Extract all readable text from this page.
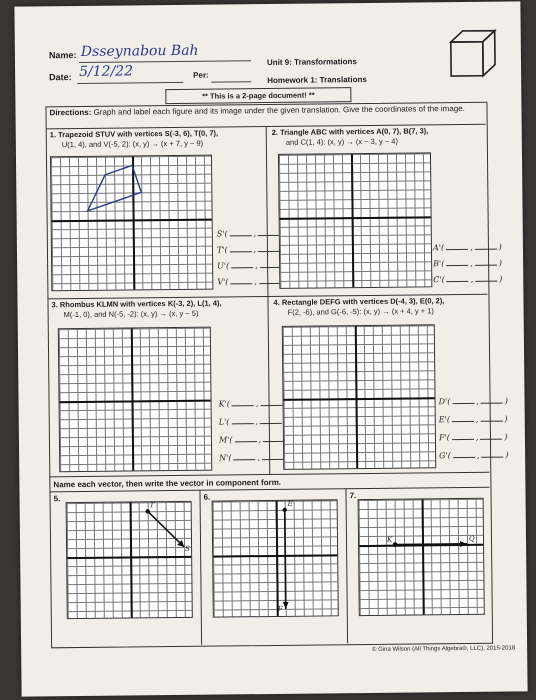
Name: Dsseynabou Bah
Date: 5/12/22	Per:
Unit 9: Transformations
Homework 1: Translations
** This is a 2-page document! **
Directions: Graph and label each figure and its image under the given translation. Give the coordinates of the image.
1. Trapezoid STUV with vertices S(-3, 6), T(0, 7),
U(1, 4), and V(-5, 2): (x, y) → (x + 7, y − 9)
S'(	,
T'(	,
U'(	,
V'(	,
2. Triangle ABC with vertices A(0, 7), B(7, 3),
and C(1, 4): (x, y) → (x − 3, y − 4)
A'(	,	)
B'(	,	)
C'(	,	)
3. Rhombus KLMN with vertices K(-3, 2), L(1, 4),
M(-1, 0), and N(-5, -2): (x, y) → (x, y − 5)
K'(	,
L'(	,
M'(	,
N'(	,
4. Rectangle DEFG with vertices D(-4, 3), E(0, 2),
F(2, -6), and G(-6, -5): (x, y) → (x + 4, y + 1)
D'(	,	)
E'(	,	)
F'(	,	)
G'(	,	)
Name each vector, then write the vector in component form.
5.	6.	7.
T
S
E
F
K	Q
© Gina Wilson (All Things Algebra®, LLC), 2015-2018
